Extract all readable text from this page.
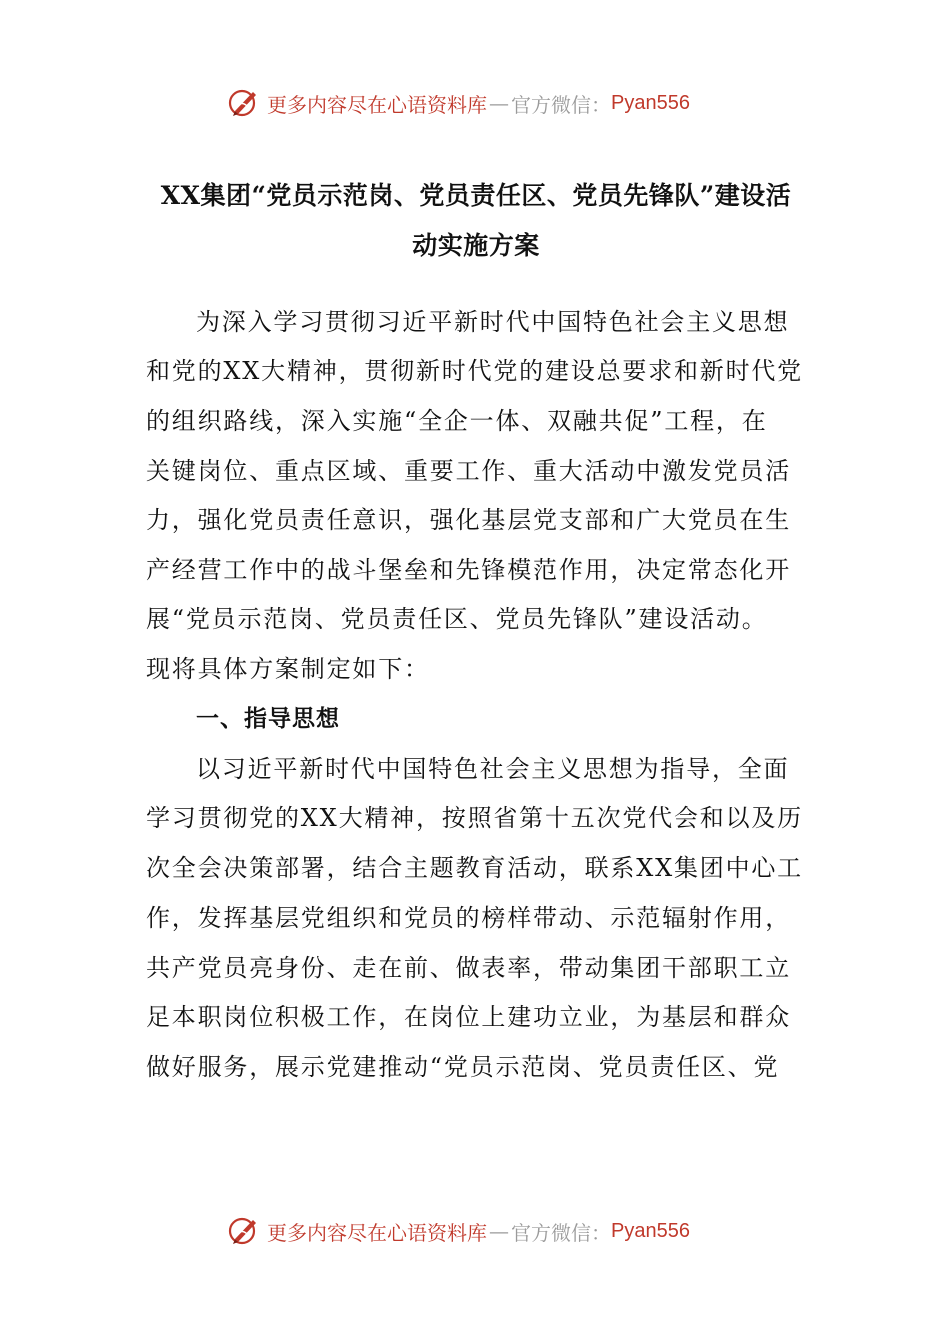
更多内容尽在心语资料库 — 官方微信： Pyan556
XX集团“党员示范岗、党员责任区、党员先锋队”建设活
动实施方案
为深入学习贯彻习近平新时代中国特色社会主义思想
和党的XX大精神，贯彻新时代党的建设总要求和新时代党
的组织路线，深入实施“全企一体、双融共促”工程，在
关键岗位、重点区域、重要工作、重大活动中激发党员活
力，强化党员责任意识，强化基层党支部和广大党员在生
产经营工作中的战斗堡垒和先锋模范作用，决定常态化开
展“党员示范岗、党员责任区、党员先锋队”建设活动。
现将具体方案制定如下：
一、指导思想
以习近平新时代中国特色社会主义思想为指导，全面
学习贯彻党的XX大精神，按照省第十五次党代会和以及历
次全会决策部署，结合主题教育活动，联系XX集团中心工
作，发挥基层党组织和党员的榜样带动、示范辐射作用，
共产党员亮身份、走在前、做表率，带动集团干部职工立
足本职岗位积极工作，在岗位上建功立业，为基层和群众
做好服务，展示党建推动“党员示范岗、党员责任区、党
更多内容尽在心语资料库 — 官方微信： Pyan556
